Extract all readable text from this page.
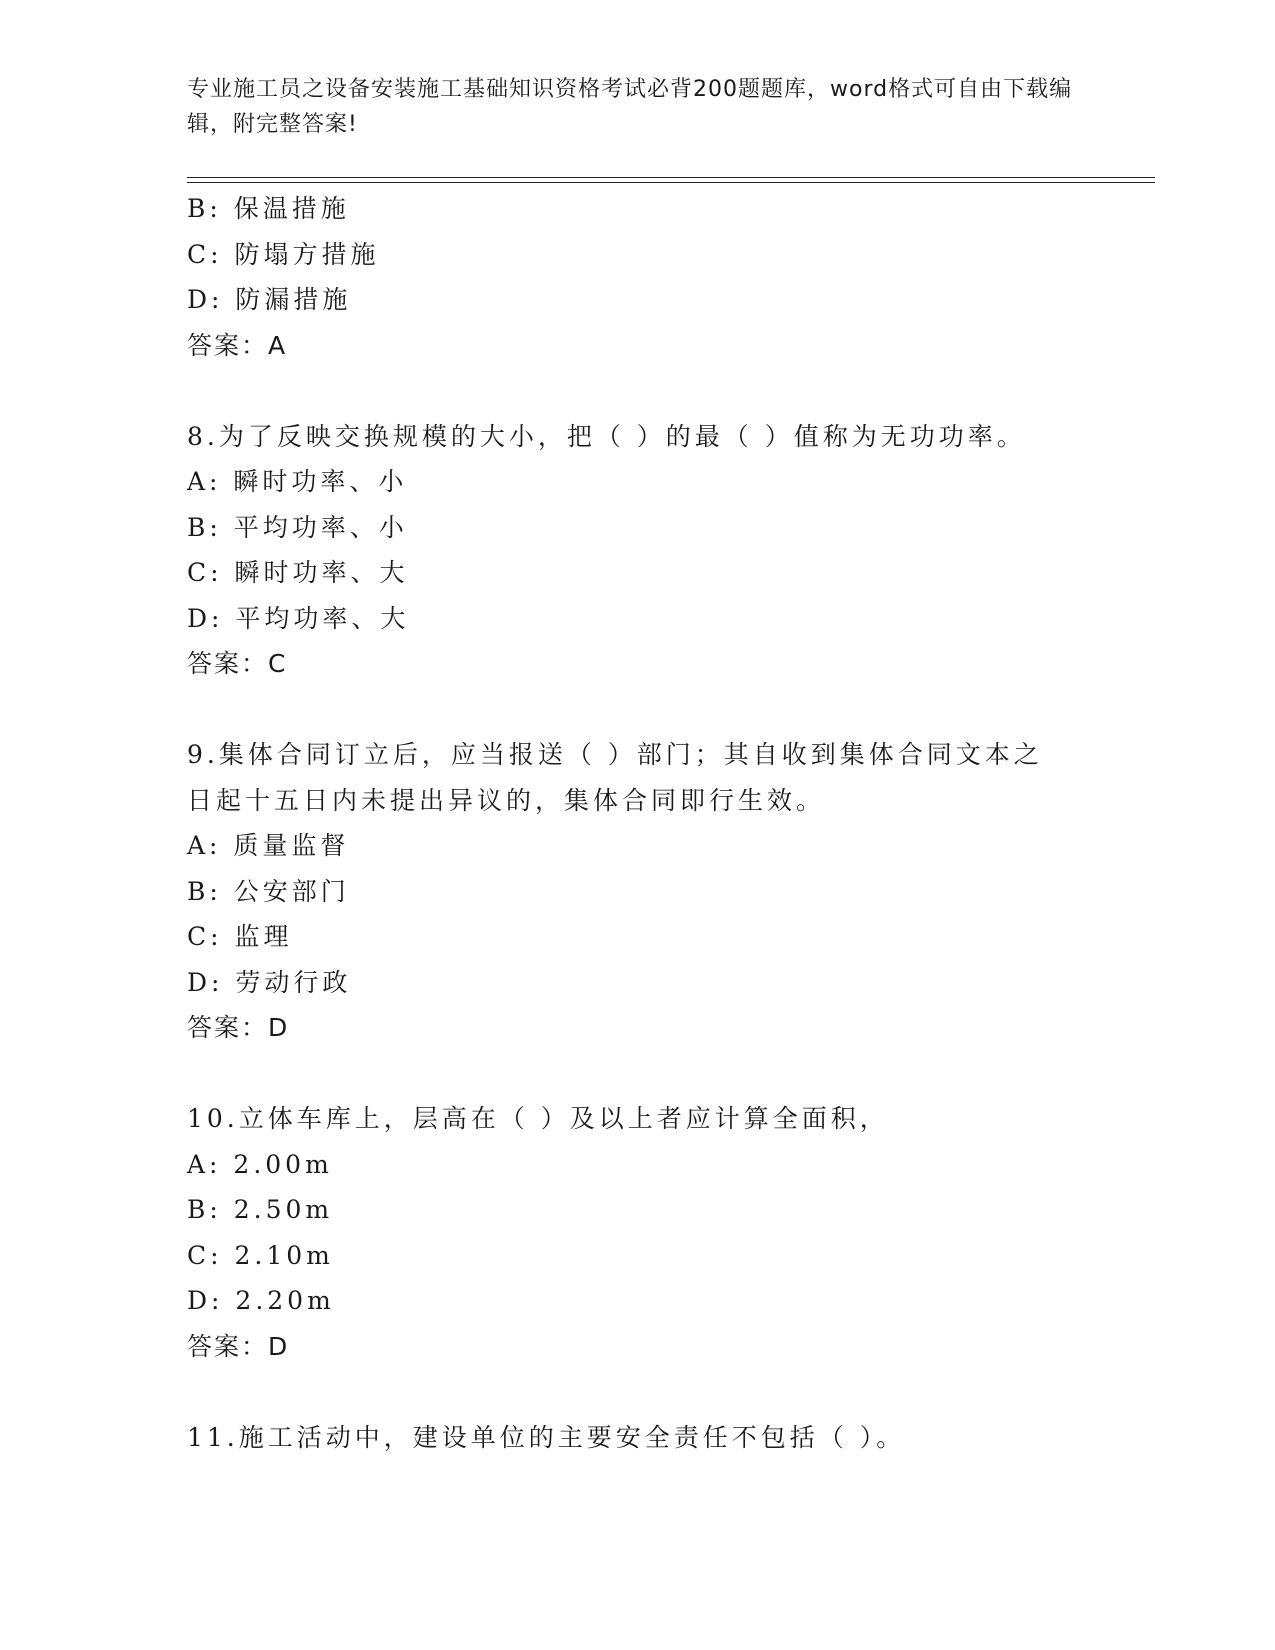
专业施工员之设备安装施工基础知识资格考试必背200题题库，word格式可自由下载编辑，附完整答案!
B: 保温措施
C: 防塌方措施
D: 防漏措施
答案：A
8.为了反映交换规模的大小，把（ ）的最（ ）值称为无功功率。
A: 瞬时功率、小
B: 平均功率、小
C: 瞬时功率、大
D: 平均功率、大
答案：C
9.集体合同订立后，应当报送（ ）部门；其自收到集体合同文本之日起十五日内未提出异议的，集体合同即行生效。
A: 质量监督
B: 公安部门
C: 监理
D: 劳动行政
答案：D
10.立体车库上，层高在（ ）及以上者应计算全面积，
A: 2.00m
B: 2.50m
C: 2.10m
D: 2.20m
答案：D
11.施工活动中，建设单位的主要安全责任不包括（ ）。
